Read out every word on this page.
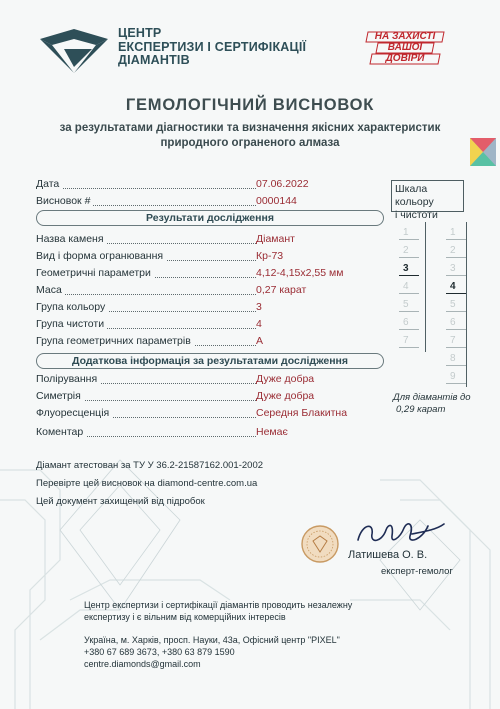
ЦЕНТР
ЕКСПЕРТИЗИ І СЕРТИФІКАЦІЇ
ДІАМАНТІВ
НА ЗАХИСТІ
ВАШОЇ
ДОВІРИ
ГЕМОЛОГІЧНИЙ ВИСНОВОК
за результатами діагностики та визначення якісних характеристик
природного ограненого алмаза
Дата	07.06.2022
Висновок #	0000144
Результати дослідження
Назва каменя	Діамант
Вид і форма огранювання	Кр-73
Геометричні параметри	4,12-4,15x2,55 мм
Маса	0,27 карат
Група кольору	3
Група чистоти	4
Група геометричних параметрів	А
Додаткова інформація за результатами дослідження
Полірування	Дуже добра
Симетрія	Дуже добра
Флуоресценція	Середня Блакитна
Коментар	Немає
Шкала кольору
і чистоти
1
2
3
4
5
6
7
1
2
3
4
5
6
7
8
9
Для діамантів до
0,29 карат
Діамант атестован за ТУ У 36.2-21587162.001-2002
Перевірте цей висновок на diamond-centre.com.ua
Цей документ захищений від підробок
Латишева О. В.
експерт-гемолог
Центр експертизи і сертифікації діамантів проводить незалежну
експертизу і є вільним від комерційних інтересів
Україна, м. Харків, просп. Науки, 43а, Офісний центр "PIXEL"
+380 67 689 3673, +380 63 879 1590
centre.diamonds@gmail.com
